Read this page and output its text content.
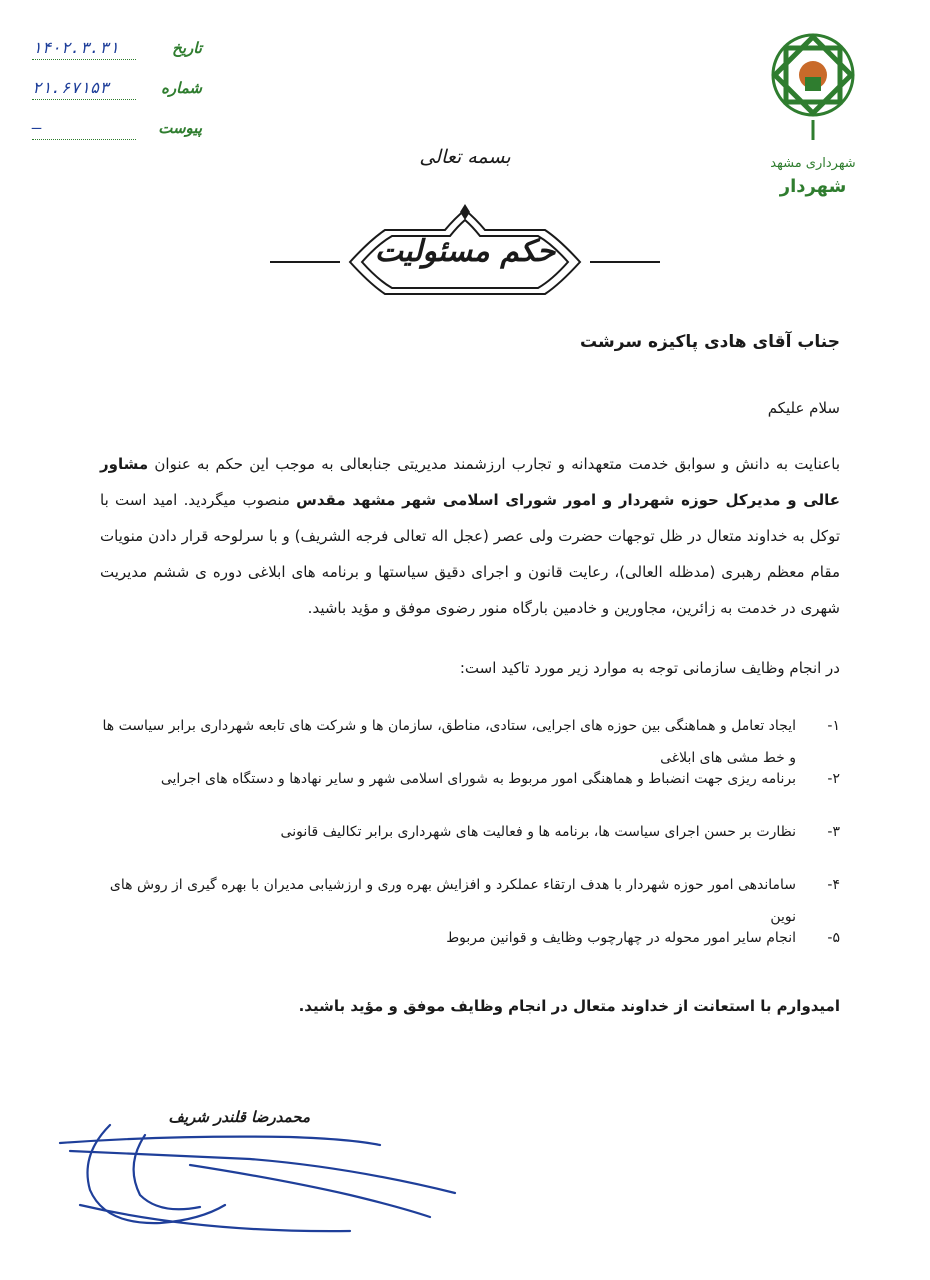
تاریخ
۱۴۰۲.۳.۳۱
شماره
۲۱.۶۷۱۵۳
پیوست
—
شهرداری مشهد
شهردار
بسمه تعالی
حکم مسئولیت
جناب آقای هادی پاکیزه سرشت
سلام علیکم
باعنایت به دانش و سوابق خدمت متعهدانه و تجارب ارزشمند مدیریتی جنابعالی به موجب این حکم به عنوان مشاور عالی و مدیرکل حوزه شهردار و امور شورای اسلامی شهر مشهد مقدس منصوب میگردید. امید است با توکل به خداوند متعال در ظل توجهات حضرت ولی عصر (عجل اله تعالی فرجه الشریف) و با سرلوحه قرار دادن منویات مقام معظم رهبری (مدظله العالی)، رعایت قانون و اجرای دقیق سیاستها و برنامه های ابلاغی دوره ی ششم مدیریت شهری در خدمت به زائرین، مجاورین و خادمین بارگاه منور رضوی موفق و مؤید باشید.
در انجام وظایف سازمانی توجه به موارد زیر مورد تاکید است:
۱-
ایجاد تعامل و هماهنگی بین حوزه های اجرایی، ستادی، مناطق، سازمان ها و شرکت های تابعه شهرداری برابر سیاست ها و خط مشی های ابلاغی
۲-
برنامه ریزی جهت انضباط و هماهنگی امور مربوط به شورای اسلامی شهر و سایر نهادها و دستگاه های اجرایی
۳-
نظارت بر حسن اجرای سیاست ها، برنامه ها و فعالیت های شهرداری برابر تکالیف قانونی
۴-
ساماندهی امور حوزه شهردار با هدف ارتقاء عملکرد و افزایش بهره وری و ارزشیابی مدیران با بهره گیری از روش های نوین
۵-
انجام سایر امور محوله در چهارچوب وظایف و قوانین مربوط
امیدوارم با استعانت از خداوند متعال در انجام وظایف موفق و مؤید باشید.
محمدرضا قلندر شریف
